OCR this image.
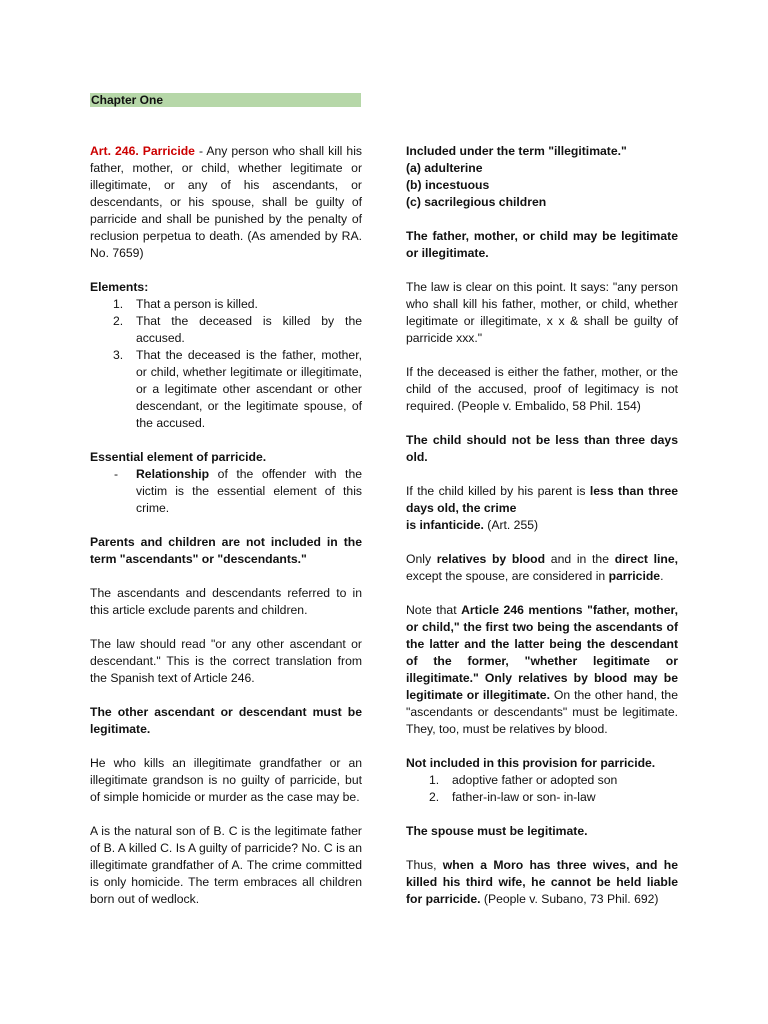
Chapter One

Art. 246. Parricide - Any person who shall kill his father, mother, or child, whether legitimate or illegitimate, or any of his ascendants, or descendants, or his spouse, shall be guilty of parricide and shall be punished by the penalty of reclusion perpetua to death. (As amended by RA. No. 7659)

Elements:

1. That a person is killed.
2. That the deceased is killed by the accused.
3. That the deceased is the father, mother, or child, whether legitimate or illegitimate, or a legitimate other ascendant or other descendant, or the legitimate spouse, of the accused.

Essential element of parricide.

- Relationship of the offender with the victim is the essential element of this crime.

Parents and children are not included in the term "ascendants" or "descendants."

The ascendants and descendants referred to in this article exclude parents and children.

The law should read "or any other ascendant or descendant." This is the correct translation from the Spanish text of Article 246.

The other ascendant or descendant must be legitimate.

He who kills an illegitimate grandfather or an illegitimate grandson is no guilty of parricide, but of simple homicide or murder as the case may be.

A is the natural son of B. C is the legitimate father of B. A killed C. Is A guilty of parricide? No. C is an illegitimate grandfather of A. The crime committed is only homicide. The term embraces all children born out of wedlock.

Included under the term "illegitimate."
(a) adulterine
(b) incestuous
(c) sacrilegious children

The father, mother, or child may be legitimate or illegitimate.

The law is clear on this point. It says: "any person who shall kill his father, mother, or child, whether legitimate or illegitimate, x x & shall be guilty of parricide xxx."

If the deceased is either the father, mother, or the child of the accused, proof of legitimacy is not required. (People v. Embalido, 58 Phil. 154)

The child should not be less than three days old.

If the child killed by his parent is less than three days old, the crime
is infanticide. (Art. 255)

Only relatives by blood and in the direct line, except the spouse, are considered in parricide.

Note that Article 246 mentions "father, mother, or child," the first two being the ascendants of the latter and the latter being the descendant of the former, "whether legitimate or illegitimate." Only relatives by blood may be legitimate or illegitimate. On the other hand, the "ascendants or descendants" must be legitimate. They, too, must be relatives by blood.

Not included in this provision for parricide.

1. adoptive father or adopted son
2. father-in-law or son- in-law

The spouse must be legitimate.

Thus, when a Moro has three wives, and he killed his third wife, he cannot be held liable for parricide. (People v. Subano, 73 Phil. 692)
